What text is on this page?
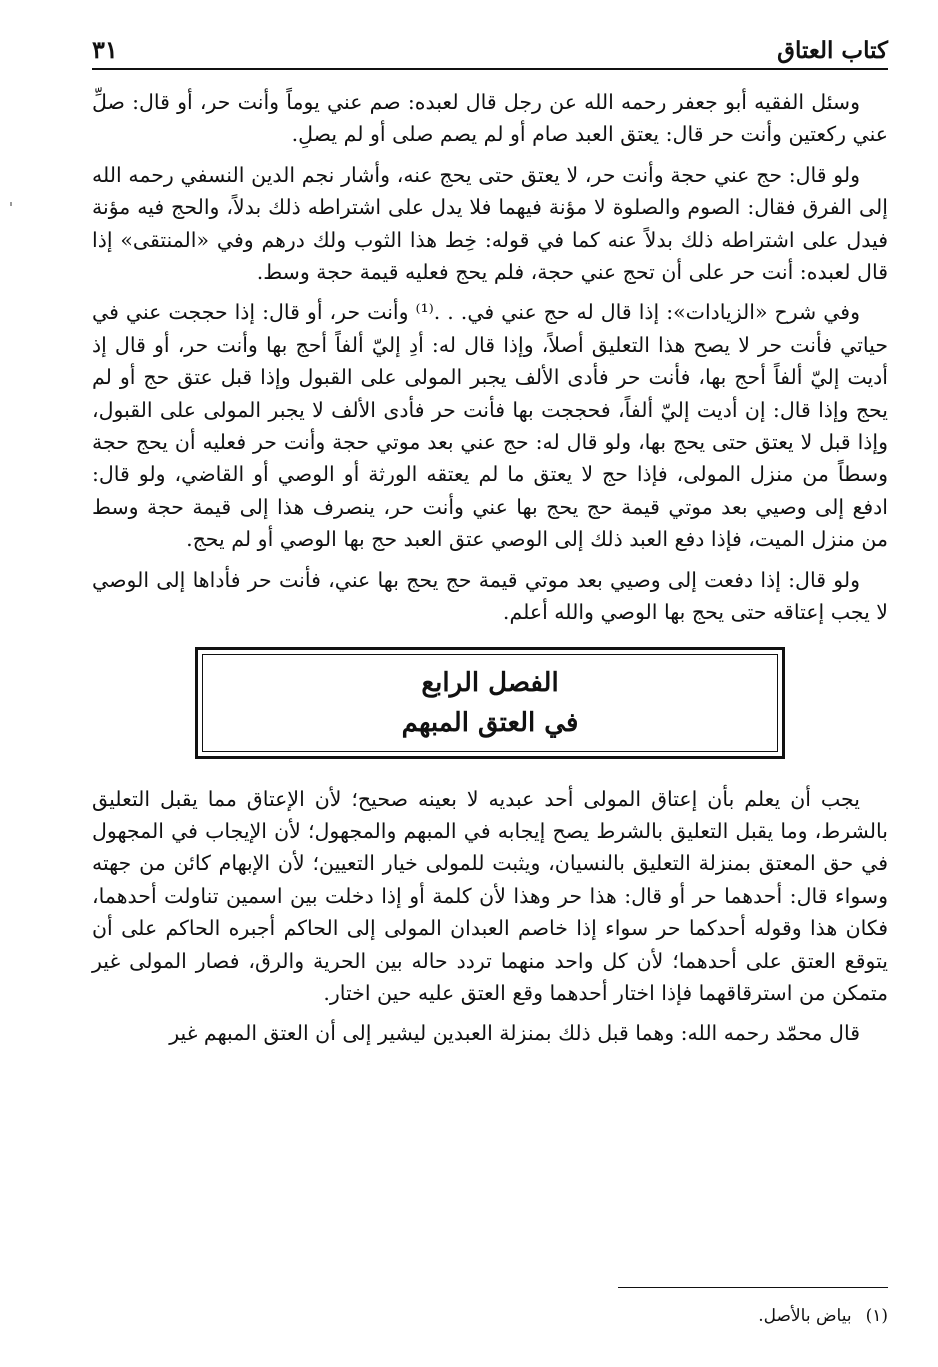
كتاب العتاق
٣١

وسئل الفقيه أبو جعفر رحمه الله عن رجل قال لعبده: صم عني يوماً وأنت حر، أو قال: صلِّ عني ركعتين وأنت حر قال: يعتق العبد صام أو لم يصم صلى أو لم يصلِ.

ولو قال: حج عني حجة وأنت حر، لا يعتق حتى يحج عنه، وأشار نجم الدين النسفي رحمه الله إلى الفرق فقال: الصوم والصلوة لا مؤنة فيهما فلا يدل على اشتراطه ذلك بدلاً، والحج فيه مؤنة فيدل على اشتراطه ذلك بدلاً عنه كما في قوله: خِط هذا الثوب ولك درهم وفي «المنتقى» إذا قال لعبده: أنت حر على أن تحج عني حجة، فلم يحج فعليه قيمة حجة وسط.

وفي شرح «الزيادات»: إذا قال له حج عني في. . .⁽¹⁾ وأنت حر، أو قال: إذا حججت عني في حياتي فأنت حر لا يصح هذا التعليق أصلاً، وإذا قال له: أدِ إليّ ألفاً أحج بها وأنت حر، أو قال إذ أديت إليّ ألفاً أحج بها، فأنت حر فأدى الألف يجبر المولى على القبول وإذا قبل عتق حج أو لم يحج وإذا قال: إن أديت إليّ ألفاً، فحججت بها فأنت حر فأدى الألف لا يجبر المولى على القبول، وإذا قبل لا يعتق حتى يحج بها، ولو قال له: حج عني بعد موتي حجة وأنت حر فعليه أن يحج حجة وسطاً من منزل المولى، فإذا حج لا يعتق ما لم يعتقه الورثة أو الوصي أو القاضي، ولو قال: ادفع إلى وصيي بعد موتي قيمة حج يحج بها عني وأنت حر، ينصرف هذا إلى قيمة حجة وسط من منزل الميت، فإذا دفع العبد ذلك إلى الوصي عتق العبد حج بها الوصي أو لم يحج.

ولو قال: إذا دفعت إلى وصيي بعد موتي قيمة حج يحج بها عني، فأنت حر فأداها إلى الوصي لا يجب إعتاقه حتى يحج بها الوصي والله أعلم.

الفصل الرابع
في العتق المبهم

يجب أن يعلم بأن إعتاق المولى أحد عبديه لا بعينه صحيح؛ لأن الإعتاق مما يقبل التعليق بالشرط، وما يقبل التعليق بالشرط يصح إيجابه في المبهم والمجهول؛ لأن الإيجاب في المجهول في حق المعتق بمنزلة التعليق بالنسيان، ويثبت للمولى خيار التعيين؛ لأن الإبهام كائن من جهته وسواء قال: أحدهما حر أو قال: هذا حر وهذا لأن كلمة أو إذا دخلت بين اسمين تناولت أحدهما، فكان هذا وقوله أحدكما حر سواء إذا خاصم العبدان المولى إلى الحاكم أجبره الحاكم على أن يتوقع العتق على أحدهما؛ لأن كل واحد منهما تردد حاله بين الحرية والرق، فصار المولى غير متمكن من استرقاقهما فإذا اختار أحدهما وقع العتق عليه حين اختار.

قال محمّد رحمه الله: وهما قبل ذلك بمنزلة العبدين ليشير إلى أن العتق المبهم غير

(١)
بياض بالأصل.
